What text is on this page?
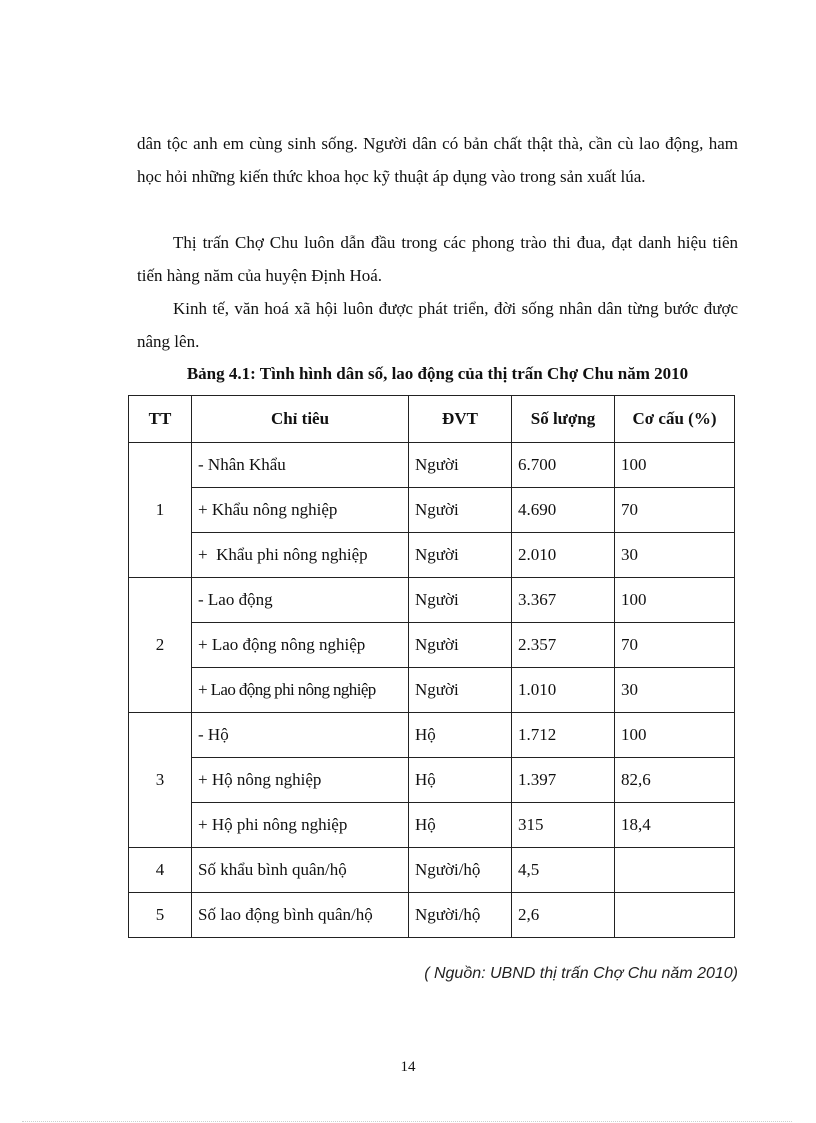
dân tộc anh em cùng sinh sống. Người dân có bản chất thật thà, cần cù lao động, ham học hỏi những kiến thức khoa học kỹ thuật áp dụng vào trong sản xuất lúa.

Thị trấn Chợ Chu luôn dẫn đầu trong các phong trào thi đua, đạt danh hiệu tiên tiến hàng năm của huyện Định Hoá.

Kinh tế, văn hoá xã hội luôn được phát triển, đời sống nhân dân từng bước được nâng lên.

Bảng 4.1: Tình hình dân số, lao động của thị trấn Chợ Chu năm 2010

TT	Chỉ tiêu	ĐVT	Số lượng	Cơ cấu (%)
1	- Nhân Khẩu	Người	6.700	100
	+ Khẩu nông nghiệp	Người	4.690	70
	+  Khẩu phi nông nghiệp	Người	2.010	30
2	- Lao động	Người	3.367	100
	+ Lao động nông nghiệp	Người	2.357	70
	+ Lao động phi nông nghiệp	Người	1.010	30
3	- Hộ	Hộ	1.712	100
	+ Hộ nông nghiệp	Hộ	1.397	82,6
	+ Hộ phi nông nghiệp	Hộ	315	18,4
4	Số khẩu bình quân/hộ	Người/hộ	4,5	
5	Số lao động bình quân/hộ	Người/hộ	2,6	

( Nguồn: UBND thị trấn Chợ Chu năm 2010)

14
